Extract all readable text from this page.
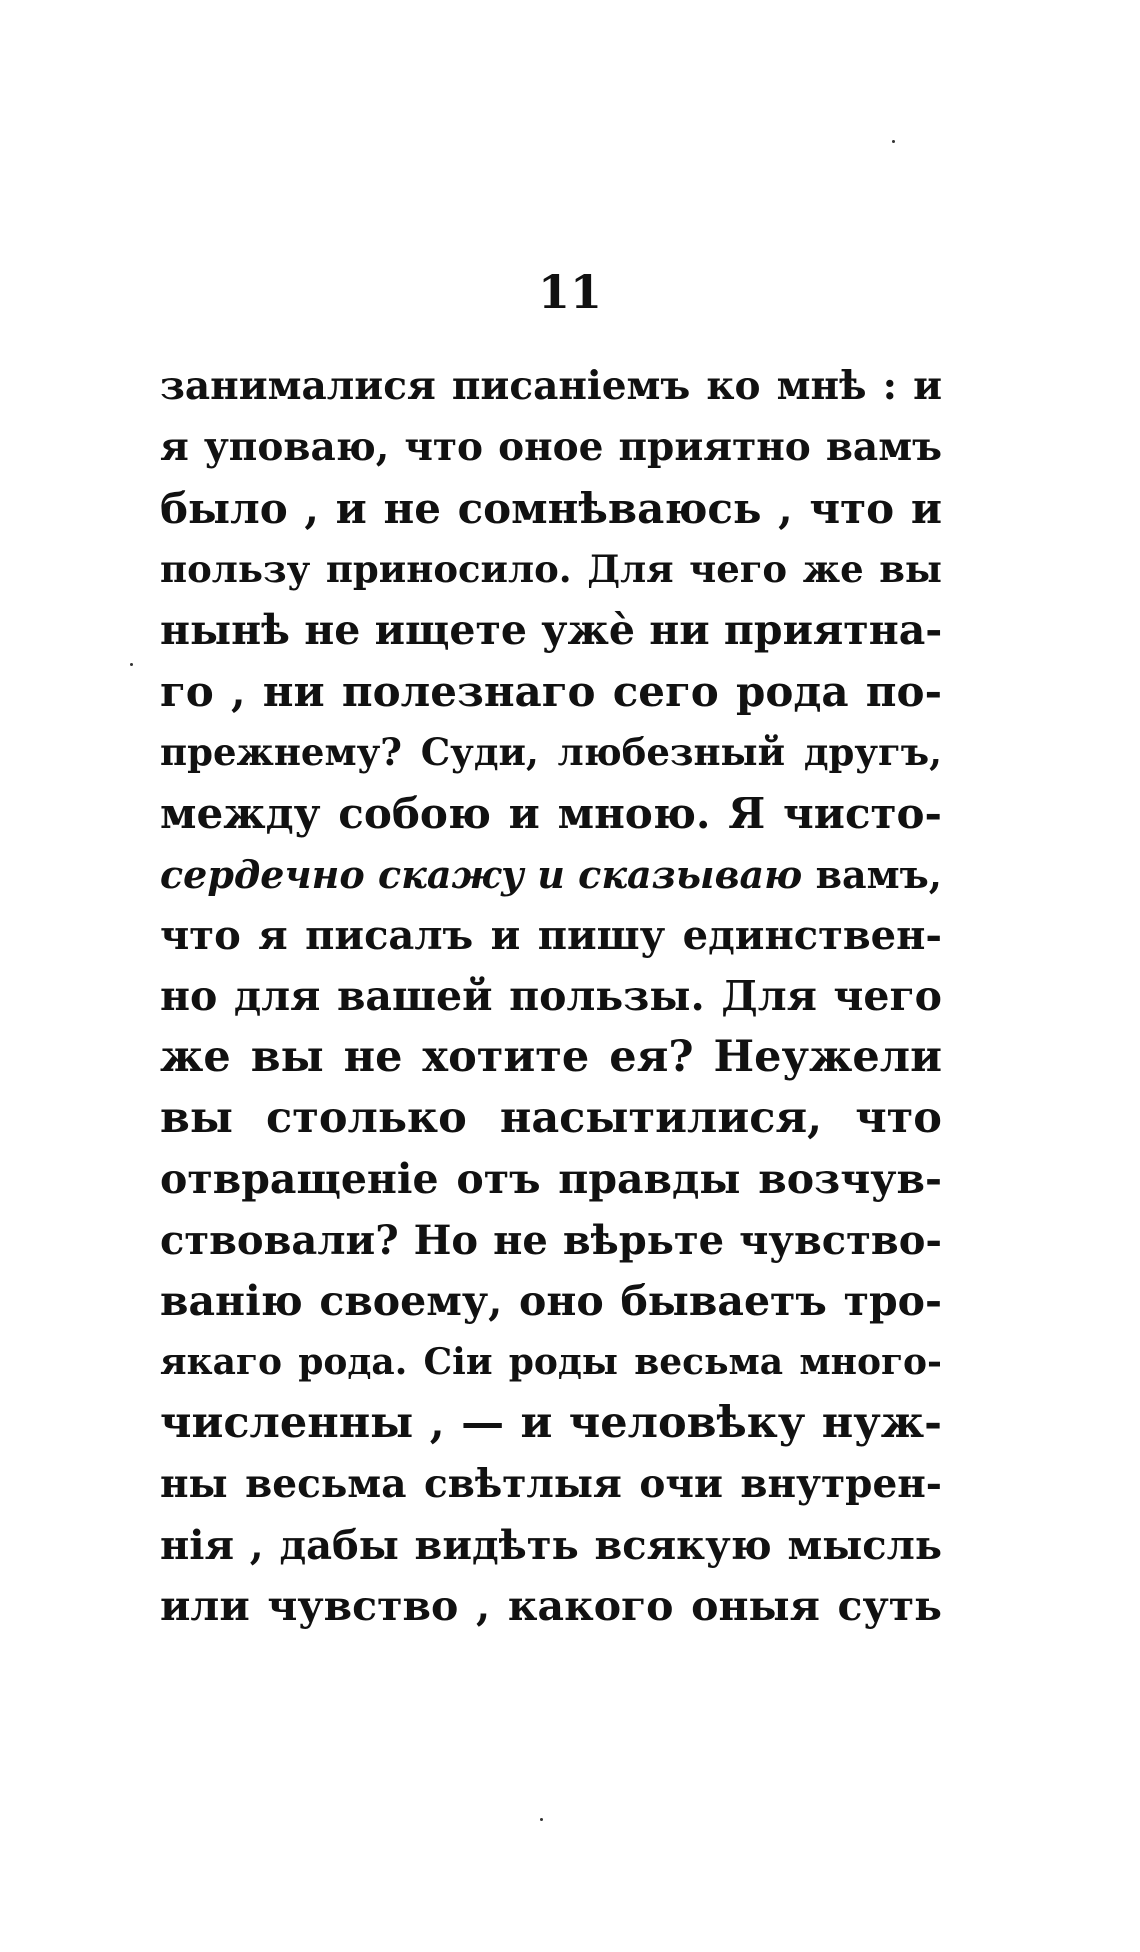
11
занималися писаніемъ ко мнѣ : и
я уповаю, что оное приятно вамъ
было , и не сомнѣваюсь , что и
пользу приносило. Для чего же вы
нынѣ не ищете ужѐ ни приятна-
го , ни полезнаго сего рода по-
прежнему? Суди, любезный другъ,
между собою и мною. Я чисто-
сердечно скажу и сказываю вамъ,
что я писалъ и пишу единствен-
но для вашей пользы. Для чего
же вы не хотите ея? Неужели
вы столько насытилися, что
отвращеніе отъ правды возчув-
ствовали? Но не вѣрьте чувство-
ванію своему, оно бываетъ тро-
якаго рода. Сіи роды весьма много-
численны , — и человѣку нуж-
ны весьма свѣтлыя очи внутрен-
нія , дабы видѣть всякую мысль
или чувство , какого оныя суть
